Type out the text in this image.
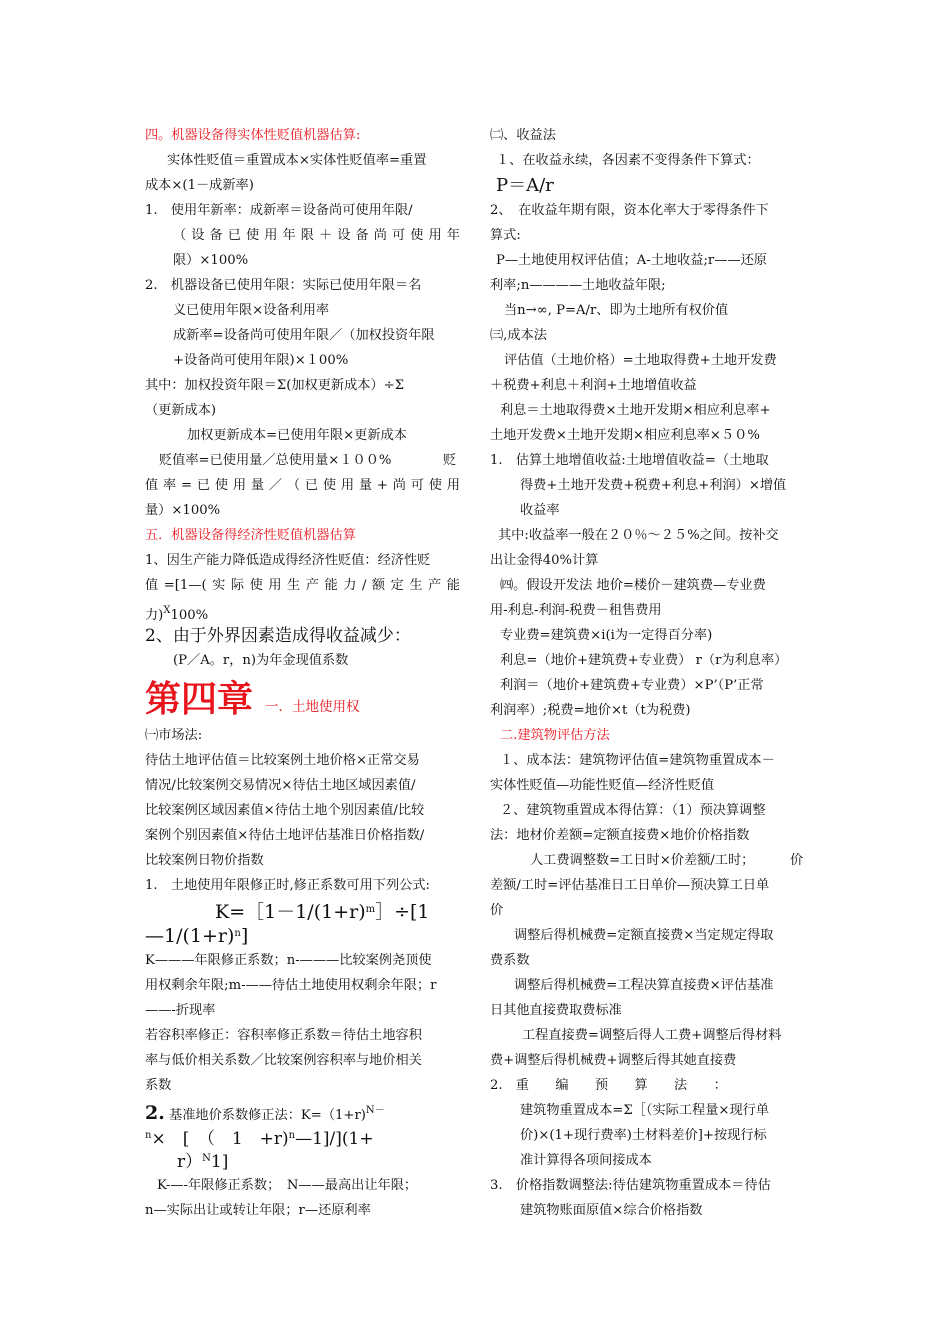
四。机器设备得实体性贬值机器估算:
实体性贬值＝重置成本×实体性贬值率=重置
成本×(1－成新率)
1.　使用年新率：成新率＝设备尚可使用年限/
（设备已使用年限＋设备尚可使用年
限）×100%
2.　机器设备已使用年限：实际已使用年限＝名
义已使用年限×设备利用率
成新率=设备尚可使用年限／（加权投资年限
+设备尚可使用年限)×１00%
其中：加权投资年限＝Σ(加权更新成本）÷Σ
（更新成本)
加权更新成本=已使用年限×更新成本
贬值率=已使用量／总使用量×１００%	贬
值率=已使用量／（已使用量+尚可使用
量）×100%
五．机器设备得经济性贬值机器估算
1、因生产能力降低造成得经济性贬值：经济性贬
值=[1—(实际使用生产能力/额定生产能
力)$^X$100%
2、由于外界因素造成得收益减少：
(P／A。r，n)为年金现值系数
第四章 一．土地使用权
㈠市场法:
待估土地评估值＝比较案例土地价格×正常交易
情况/比较案例交易情况×待估土地区域因素值/
比较案例区域因素值×待估土地个别因素值/比较
案例个别因素值×待估土地评估基准日价格指数/
比较案例日物价指数
1.　土地使用年限修正时,修正系数可用下列公式:
$K=[1-1/(1+r)^m]\div[1$
$—1/(1+r)^n$]
K———年限修正系数；n-———比较案例尧顶使
用权剩余年限;m-——待估土地使用权剩余年限；r
——-折现率
若容积率修正：容积率修正系数＝待估土地容积
率与低价相关系数／比较案例容积率与地价相关
系数
2. 基准地价系数修正法：K=（1+r)$^{N-}$
$^n$×　[　（　1　+r)$^n$—1]/](1+
r）$^N$1]
K-—-年限修正系数；　N——最高出让年限；
n—实际出让或转让年限；r—还原利率
㈡、收益法
１、在收益永续，各因素不变得条件下算式：
P＝A/r
2、　在收益年期有限，资本化率大于零得条件下
算式:
P—土地使用权评估值；A-土地收益;r——还原
利率;n————土地收益年限;
当n→∞, P=A/r、即为土地所有权价值
㈢,成本法
评估值（土地价格）=土地取得费+土地开发费
＋税费+利息＋利润+土地增值收益
利息＝土地取得费×土地开发期×相应利息率+
土地开发费×土地开发期×相应利息率×５０%
1.　估算土地增值收益:土地增值收益=（土地取
得费+土地开发费+税费+利息+利润）×增值
收益率
其中:收益率一般在２０％～２５%之间。按补交
出让金得40%计算
㈣。假设开发法 地价=楼价－建筑费—专业费
用-利息-利润-税费－租售费用
专业费=建筑费×i(i为一定得百分率)
利息=（地价+建筑费+专业费） r（r为利息率）
利润＝（地价+建筑费+专业费）×P’（P’正常
利润率）;税费=地价×t（t为税费)
二.建筑物评估方法
１、成本法：建筑物评估值=建筑物重置成本－
实体性贬值—功能性贬值—经济性贬值
２、建筑物重置成本得估算：（1）预决算调整
法：地材价差额=定额直接费×地价价格指数
人工费调整数=工日时×价差额/工时；	价
差额/工时=评估基准日工日单价—预决算工日单
价
调整后得机械费=定额直接费×当定规定得取
费系数
调整后得机械费=工程决算直接费×评估基准
日其他直接费取费标准
工程直接费=调整后得人工费+调整后得材料
费+调整后得机械费+调整后得其她直接费
2.　重　　编　　预　　算　　法　　：
建筑物重置成本=Σ［（实际工程量×现行单
价)×(1+现行费率)土材料差价]+按现行标
准计算得各项间接成本
3.　价格指数调整法:待估建筑物重置成本＝待估
建筑物账面原值×综合价格指数
